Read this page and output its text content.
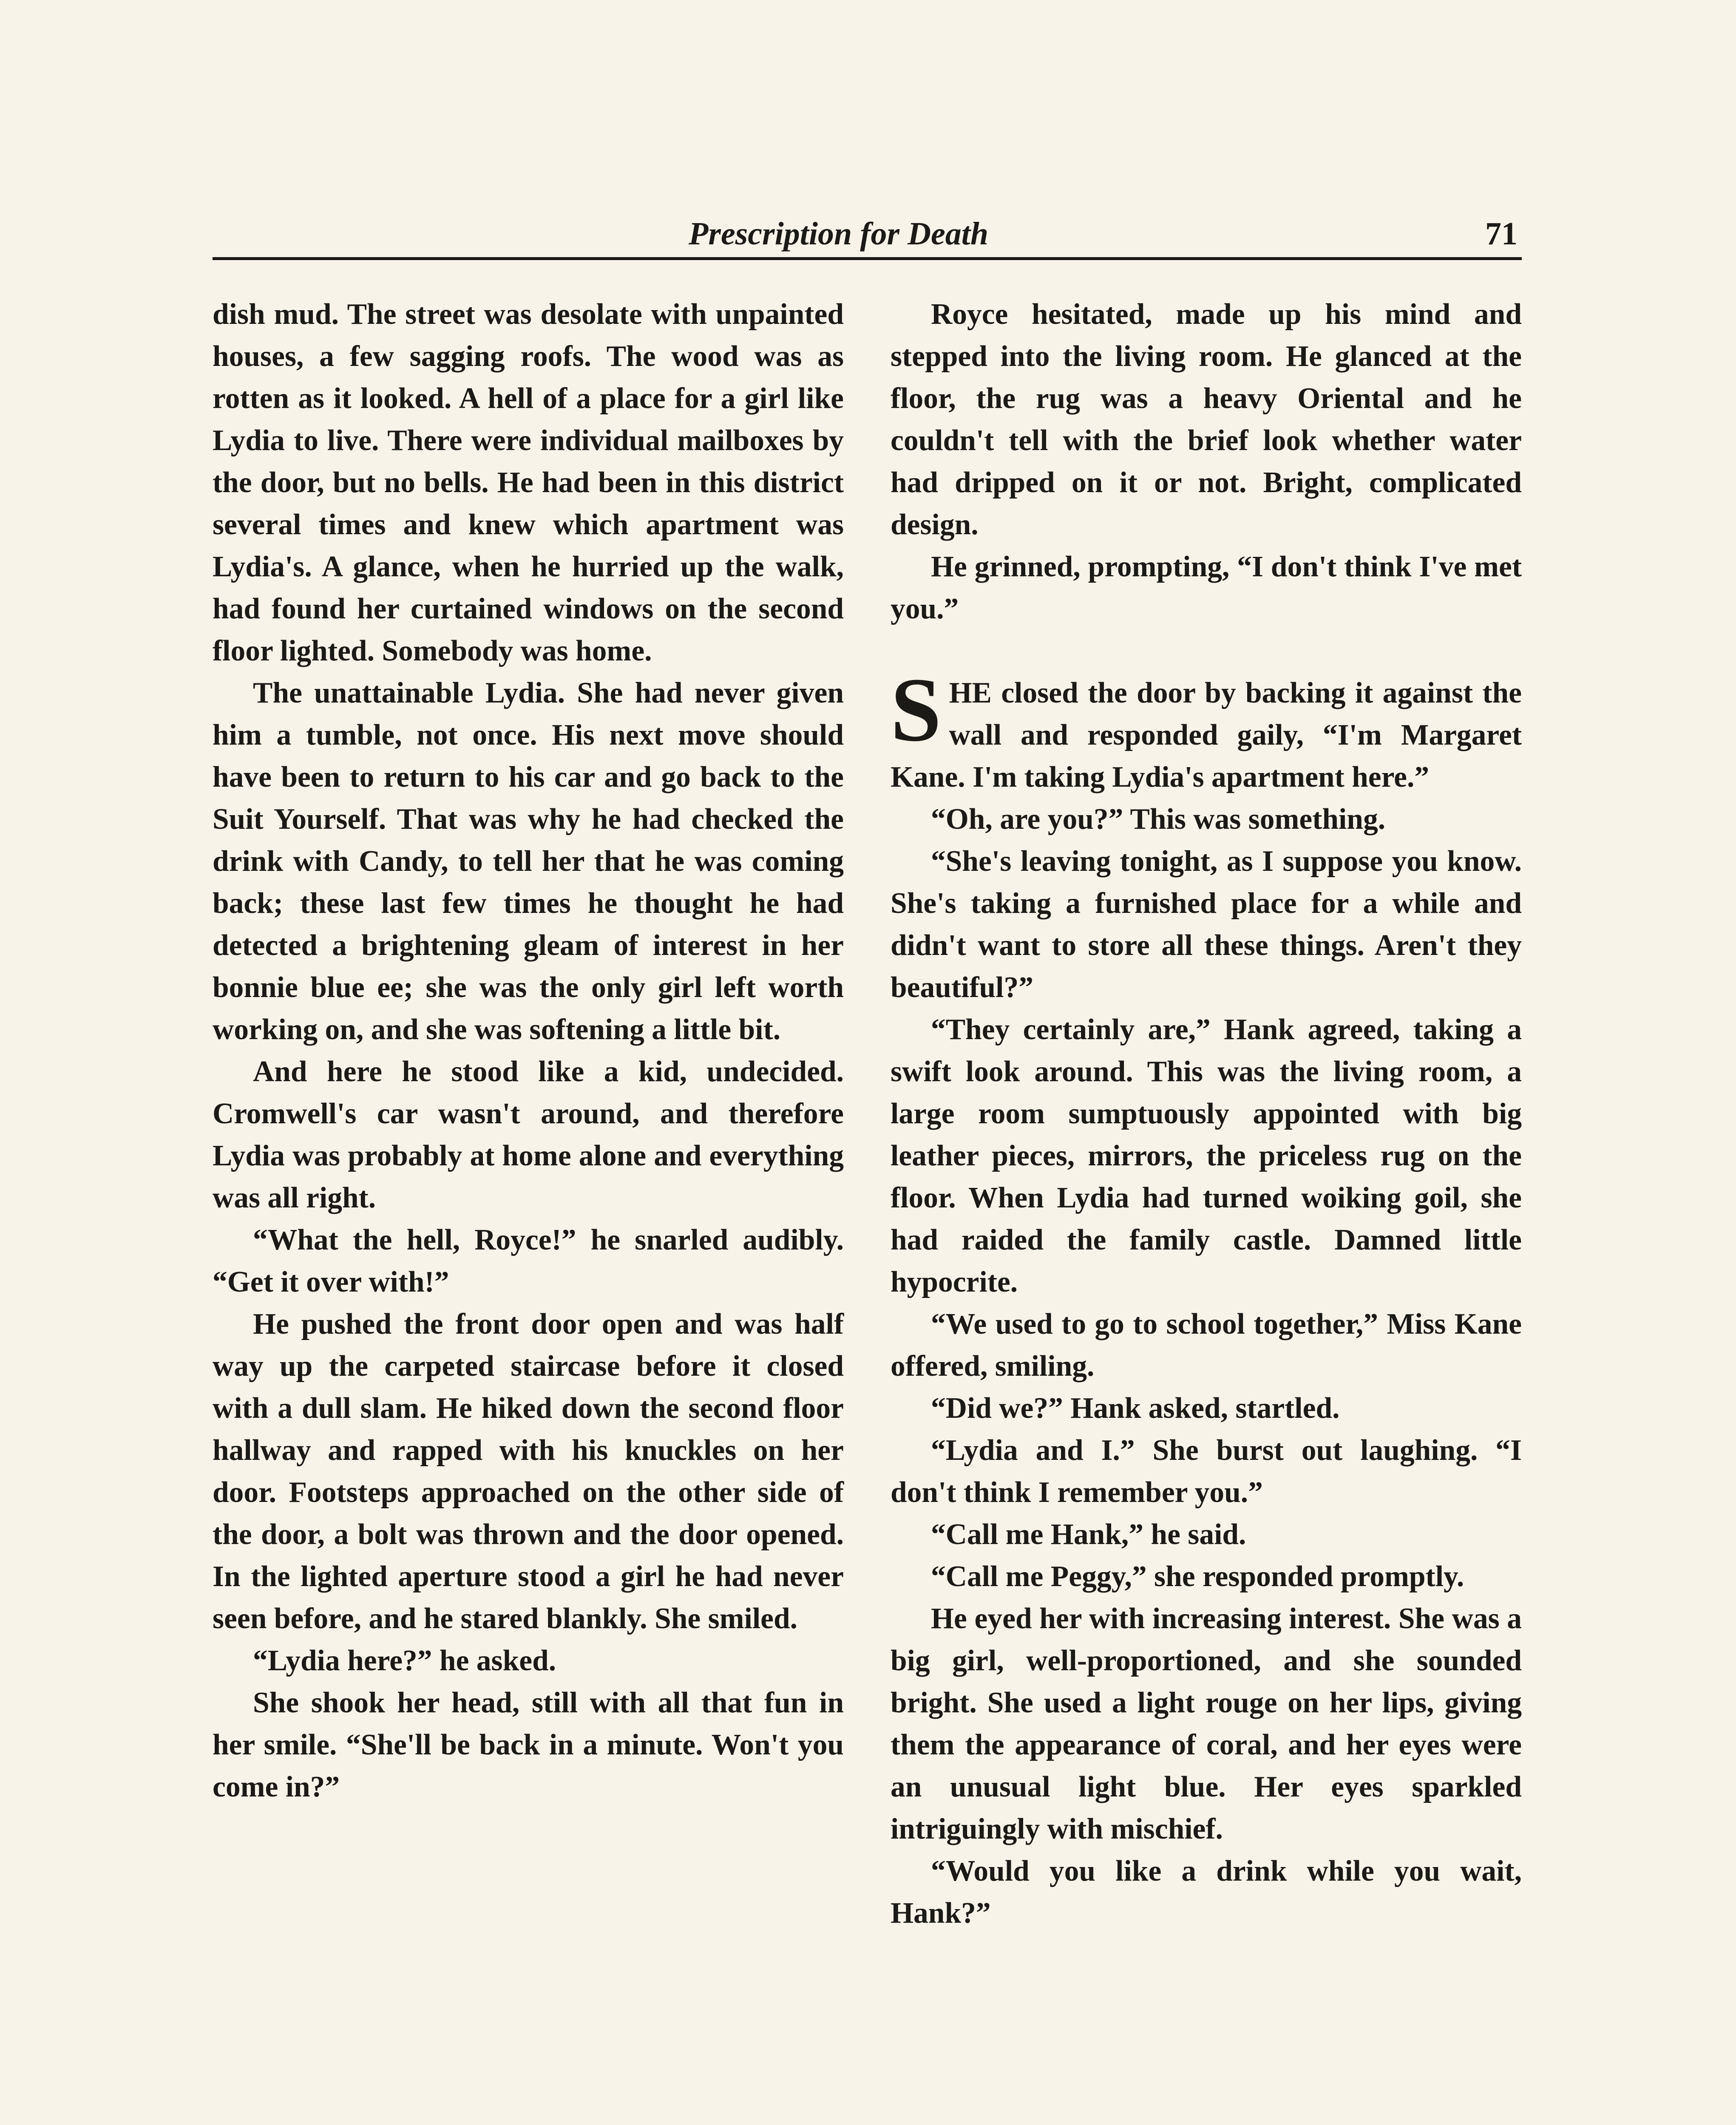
Prescription for Death	71

dish mud. The street was desolate with unpainted houses, a few sagging roofs. The wood was as rotten as it looked. A hell of a place for a girl like Lydia to live. There were individual mailboxes by the door, but no bells. He had been in this district several times and knew which apartment was Lydia's. A glance, when he hurried up the walk, had found her curtained windows on the second floor lighted. Somebody was home.

The unattainable Lydia. She had never given him a tumble, not once. His next move should have been to return to his car and go back to the Suit Yourself. That was why he had checked the drink with Candy, to tell her that he was coming back; these last few times he thought he had detected a brightening gleam of interest in her bonnie blue ee; she was the only girl left worth working on, and she was softening a little bit.

And here he stood like a kid, undecided. Cromwell's car wasn't around, and therefore Lydia was probably at home alone and everything was all right.

“What the hell, Royce!” he snarled audibly. “Get it over with!”

He pushed the front door open and was half way up the carpeted staircase before it closed with a dull slam. He hiked down the second floor hallway and rapped with his knuckles on her door. Footsteps approached on the other side of the door, a bolt was thrown and the door opened. In the lighted aperture stood a girl he had never seen before, and he stared blankly. She smiled.

“Lydia here?” he asked.

She shook her head, still with all that fun in her smile. “She'll be back in a minute. Won't you come in?”

Royce hesitated, made up his mind and stepped into the living room. He glanced at the floor, the rug was a heavy Oriental and he couldn't tell with the brief look whether water had dripped on it or not. Bright, complicated design.

He grinned, prompting, “I don't think I've met you.”

SHE closed the door by backing it against the wall and responded gaily, “I'm Margaret Kane. I'm taking Lydia's apartment here.”

“Oh, are you?” This was something.

“She's leaving tonight, as I suppose you know. She's taking a furnished place for a while and didn't want to store all these things. Aren't they beautiful?”

“They certainly are,” Hank agreed, taking a swift look around. This was the living room, a large room sumptuously appointed with big leather pieces, mirrors, the priceless rug on the floor. When Lydia had turned woiking goil, she had raided the family castle. Damned little hypocrite.

“We used to go to school together,” Miss Kane offered, smiling.

“Did we?” Hank asked, startled.

“Lydia and I.” She burst out laughing. “I don't think I remember you.”

“Call me Hank,” he said.

“Call me Peggy,” she responded promptly.

He eyed her with increasing interest. She was a big girl, well-proportioned, and she sounded bright. She used a light rouge on her lips, giving them the appearance of coral, and her eyes were an unusual light blue. Her eyes sparkled intriguingly with mischief.

“Would you like a drink while you wait, Hank?”
